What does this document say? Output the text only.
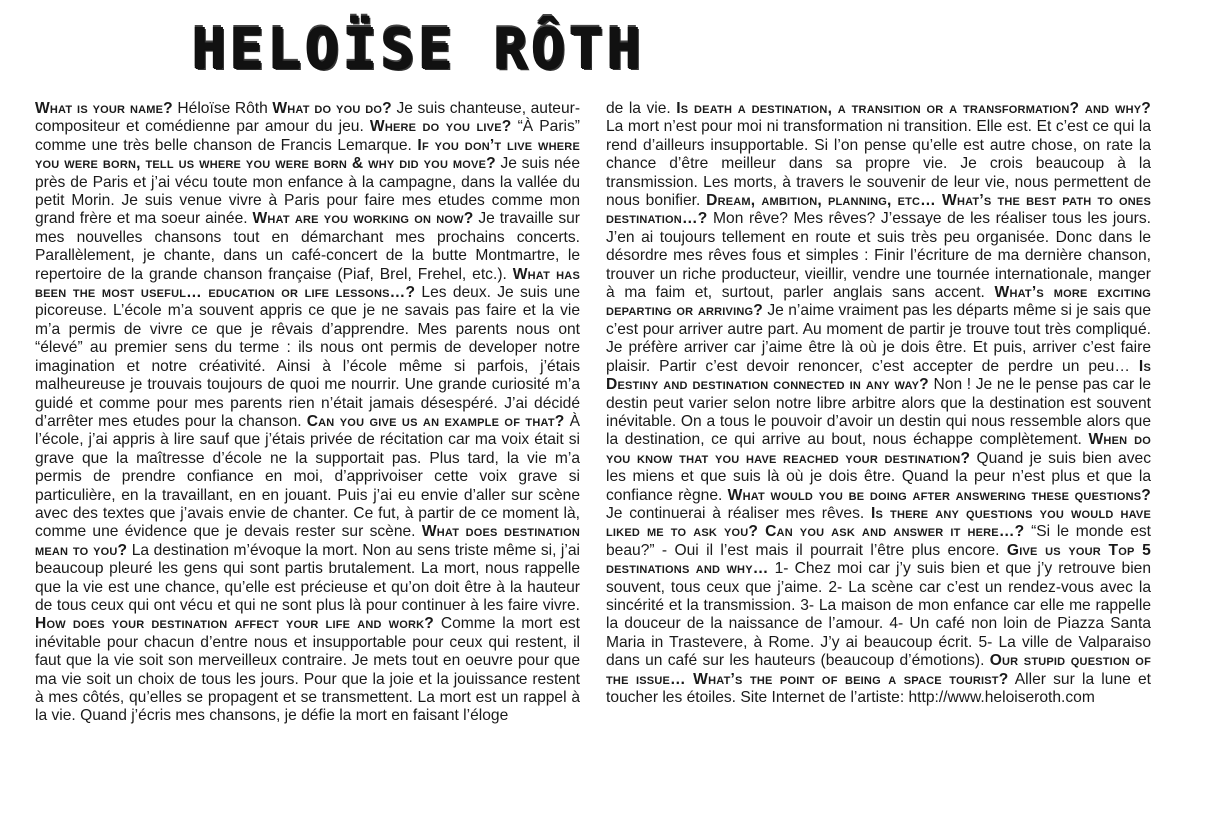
HELOÏSE RÔTH

What is your name? Héloïse Rôth What do you do? Je suis chanteuse, auteur-compositeur et comédienne par amour du jeu. Where do you live? “À Paris” comme une très belle chanson de Francis Lemarque. If you don’t live where you were born, tell us where you were born & why did you move? Je suis née près de Paris et j’ai vécu toute mon enfance à la campagne, dans la vallée du petit Morin. Je suis venue vivre à Paris pour faire mes etudes comme mon grand frère et ma soeur ainée. What are you working on now? Je travaille sur mes nouvelles chansons tout en démarchant mes prochains concerts. Parallèlement, je chante, dans un café-concert de la butte Montmartre, le repertoire de la grande chanson française (Piaf, Brel, Frehel, etc.). What has been the most useful… education or life lessons…? Les deux. Je suis une picoreuse. L’école m’a souvent appris ce que je ne savais pas faire et la vie m’a permis de vivre ce que je rêvais d’apprendre. Mes parents nous ont “élevé” au premier sens du terme : ils nous ont permis de developer notre imagination et notre créativité. Ainsi à l’école même si parfois, j’étais malheureuse je trouvais toujours de quoi me nourrir. Une grande curiosité m’a guidé et comme pour mes parents rien n’était jamais désespéré. J’ai décidé d’arrêter mes etudes pour la chanson. Can you give us an example of that? À l’école, j’ai appris à lire sauf que j’étais privée de récitation car ma voix était si grave que la maîtresse d’école ne la supportait pas. Plus tard, la vie m’a permis de prendre confiance en moi, d’apprivoiser cette voix grave si particulière, en la travaillant, en en jouant. Puis j’ai eu envie d’aller sur scène avec des textes que j’avais envie de chanter. Ce fut, à partir de ce moment là, comme une évidence que je devais rester sur scène. What does destination mean to you? La destination m’évoque la mort. Non au sens triste même si, j’ai beaucoup pleuré les gens qui sont partis brutalement. La mort, nous rappelle que la vie est une chance, qu’elle est précieuse et qu’on doit être à la hauteur de tous ceux qui ont vécu et qui ne sont plus là pour continuer à les faire vivre. How does your destination affect your life and work? Comme la mort est inévitable pour chacun d’entre nous et insupportable pour ceux qui restent, il faut que la vie soit son merveilleux contraire. Je mets tout en oeuvre pour que ma vie soit un choix de tous les jours. Pour que la joie et la jouissance restent à mes côtés, qu’elles se propagent et se transmettent. La mort est un rappel à la vie. Quand j’écris mes chansons, je défie la mort en faisant l’éloge

de la vie. Is death a destination, a transition or a transformation? and why? La mort n’est pour moi ni transformation ni transition. Elle est. Et c’est ce qui la rend d’ailleurs insupportable. Si l’on pense qu’elle est autre chose, on rate la chance d’être meilleur dans sa propre vie. Je crois beaucoup à la transmission. Les morts, à travers le souvenir de leur vie, nous permettent de nous bonifier. Dream, ambition, planning, etc… What’s the best path to ones destination…? Mon rêve? Mes rêves? J’essaye de les réaliser tous les jours. J’en ai toujours tellement en route et suis très peu organisée. Donc dans le désordre mes rêves fous et simples : Finir l’écriture de ma dernière chanson, trouver un riche producteur, vieillir, vendre une tournée internationale, manger à ma faim et, surtout, parler anglais sans accent. What’s more exciting departing or arriving? Je n’aime vraiment pas les départs même si je sais que c’est pour arriver autre part. Au moment de partir je trouve tout très compliqué. Je préfère arriver car j’aime être là où je dois être. Et puis, arriver c’est faire plaisir. Partir c’est devoir renoncer, c’est accepter de perdre un peu… Is Destiny and destination connected in any way? Non ! Je ne le pense pas car le destin peut varier selon notre libre arbitre alors que la destination est souvent inévitable. On a tous le pouvoir d’avoir un destin qui nous ressemble alors que la destination, ce qui arrive au bout, nous échappe complètement. When do you know that you have reached your destination? Quand je suis bien avec les miens et que suis là où je dois être. Quand la peur n’est plus et que la confiance règne. What would you be doing after answering these questions? Je continuerai à réaliser mes rêves. Is there any questions you would have liked me to ask you? Can you ask and answer it here…? “Si le monde est beau?” - Oui il l’est mais il pourrait l’être plus encore. Give us your Top 5 destinations and why… 1- Chez moi car j’y suis bien et que j’y retrouve bien souvent, tous ceux que j’aime. 2- La scène car c’est un rendez-vous avec la sincérité et la transmission. 3- La maison de mon enfance car elle me rappelle la douceur de la naissance de l’amour. 4- Un café non loin de Piazza Santa Maria in Trastevere, à Rome. J’y ai beaucoup écrit. 5- La ville de Valparaiso dans un café sur les hauteurs (beaucoup d’émotions). Our stupid question of the issue… What’s the point of being a space tourist? Aller sur la lune et toucher les étoiles. Site Internet de l’artiste: http://www.heloiseroth.com
